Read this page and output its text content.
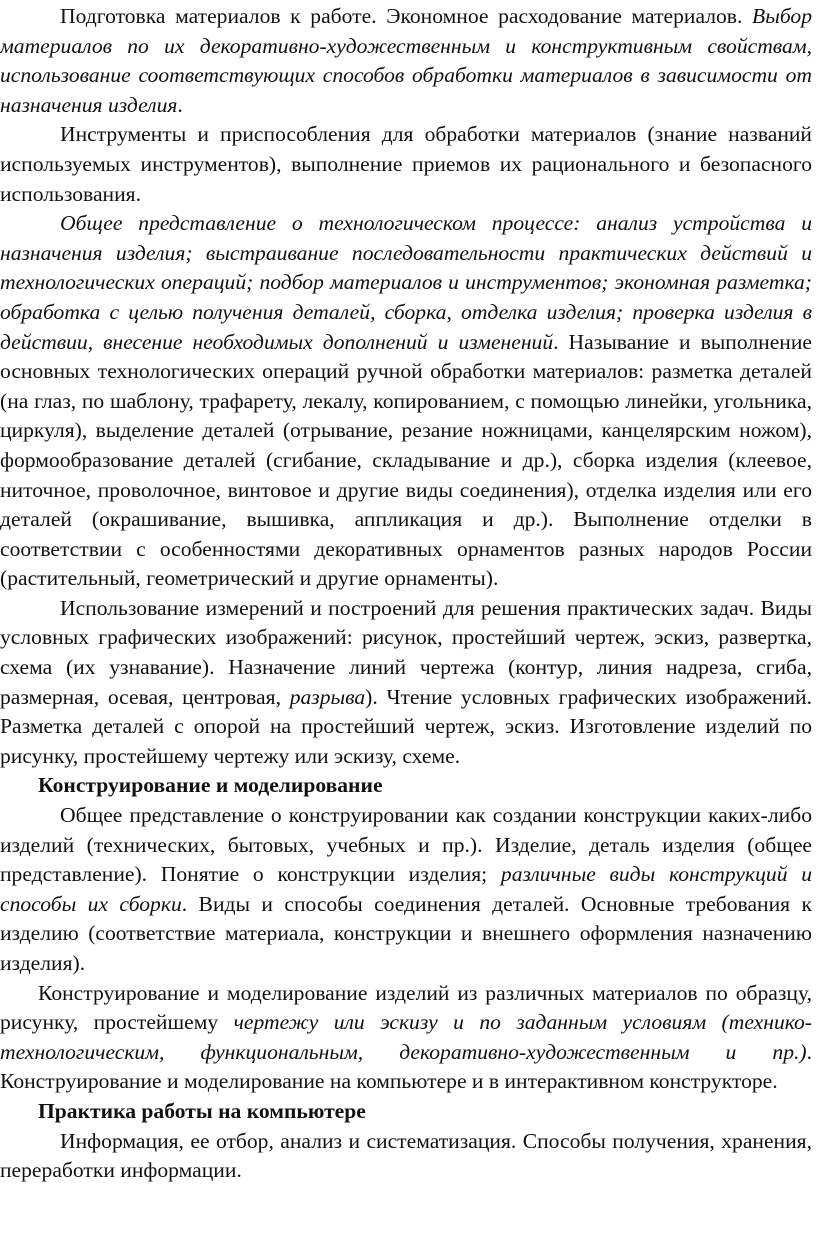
Подготовка материалов к работе. Экономное расходование материалов. Выбор материалов по их декоративно-художественным и конструктивным свойствам, использование соответствующих способов обработки материалов в зависимости от назначения изделия.

Инструменты и приспособления для обработки материалов (знание названий используемых инструментов), выполнение приемов их рационального и безопасного использования.

Общее представление о технологическом процессе: анализ устройства и назначения изделия; выстраивание последовательности практических действий и технологических операций; подбор материалов и инструментов; экономная разметка; обработка с целью получения деталей, сборка, отделка изделия; проверка изделия в действии, внесение необходимых дополнений и изменений. Называние и выполнение основных технологических операций ручной обработки материалов: разметка деталей (на глаз, по шаблону, трафарету, лекалу, копированием, с помощью линейки, угольника, циркуля), выделение деталей (отрывание, резание ножницами, канцелярским ножом), формообразование деталей (сгибание, складывание и др.), сборка изделия (клеевое, ниточное, проволочное, винтовое и другие виды соединения), отделка изделия или его деталей (окрашивание, вышивка, аппликация и др.). Выполнение отделки в соответствии с особенностями декоративных орнаментов разных народов России (растительный, геометрический и другие орнаменты).

Использование измерений и построений для решения практических задач. Виды условных графических изображений: рисунок, простейший чертеж, эскиз, развертка, схема (их узнавание). Назначение линий чертежа (контур, линия надреза, сгиба, размерная, осевая, центровая, разрыва). Чтение условных графических изображений. Разметка деталей с опорой на простейший чертеж, эскиз. Изготовление изделий по рисунку, простейшему чертежу или эскизу, схеме.

Конструирование и моделирование

Общее представление о конструировании как создании конструкции каких-либо изделий (технических, бытовых, учебных и пр.). Изделие, деталь изделия (общее представление). Понятие о конструкции изделия; различные виды конструкций и способы их сборки. Виды и способы соединения деталей. Основные требования к изделию (соответствие материала, конструкции и внешнего оформления назначению изделия).

Конструирование и моделирование изделий из различных материалов по образцу, рисунку, простейшему чертежу или эскизу и по заданным условиям (технико-технологическим, функциональным, декоративно-художественным и пр.). Конструирование и моделирование на компьютере и в интерактивном конструкторе.

Практика работы на компьютере

Информация, ее отбор, анализ и систематизация. Способы получения, хранения, переработки информации.
